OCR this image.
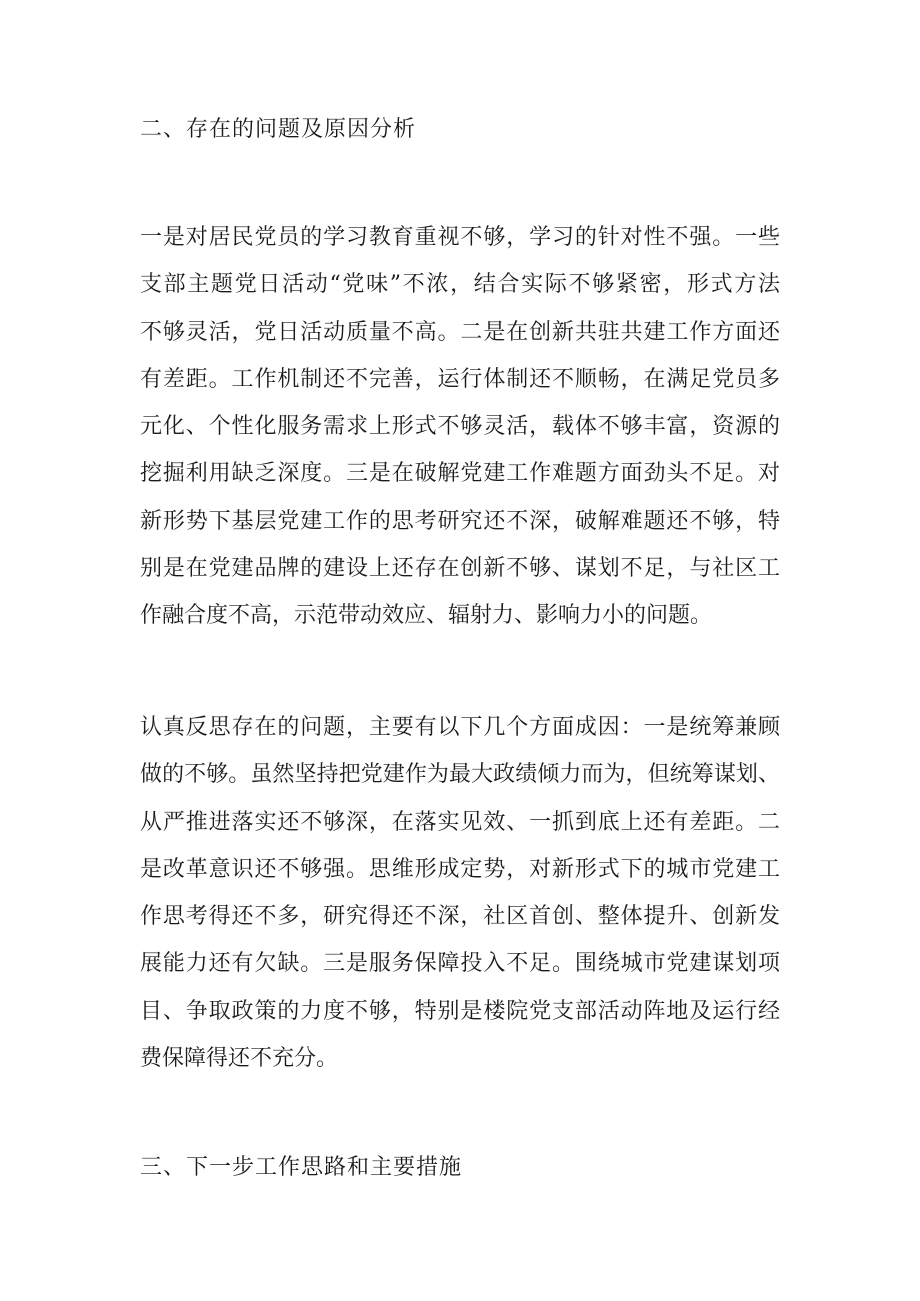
二、存在的问题及原因分析
一是对居民党员的学习教育重视不够，学习的针对性不强。一些
支部主题党日活动“党味”不浓，结合实际不够紧密，形式方法
不够灵活，党日活动质量不高。二是在创新共驻共建工作方面还
有差距。工作机制还不完善，运行体制还不顺畅，在满足党员多
元化、个性化服务需求上形式不够灵活，载体不够丰富，资源的
挖掘利用缺乏深度。三是在破解党建工作难题方面劲头不足。对
新形势下基层党建工作的思考研究还不深，破解难题还不够，特
别是在党建品牌的建设上还存在创新不够、谋划不足，与社区工
作融合度不高，示范带动效应、辐射力、影响力小的问题。
认真反思存在的问题，主要有以下几个方面成因：一是统筹兼顾
做的不够。虽然坚持把党建作为最大政绩倾力而为，但统筹谋划、
从严推进落实还不够深，在落实见效、一抓到底上还有差距。二
是改革意识还不够强。思维形成定势，对新形式下的城市党建工
作思考得还不多，研究得还不深，社区首创、整体提升、创新发
展能力还有欠缺。三是服务保障投入不足。围绕城市党建谋划项
目、争取政策的力度不够，特别是楼院党支部活动阵地及运行经
费保障得还不充分。
三、下一步工作思路和主要措施
